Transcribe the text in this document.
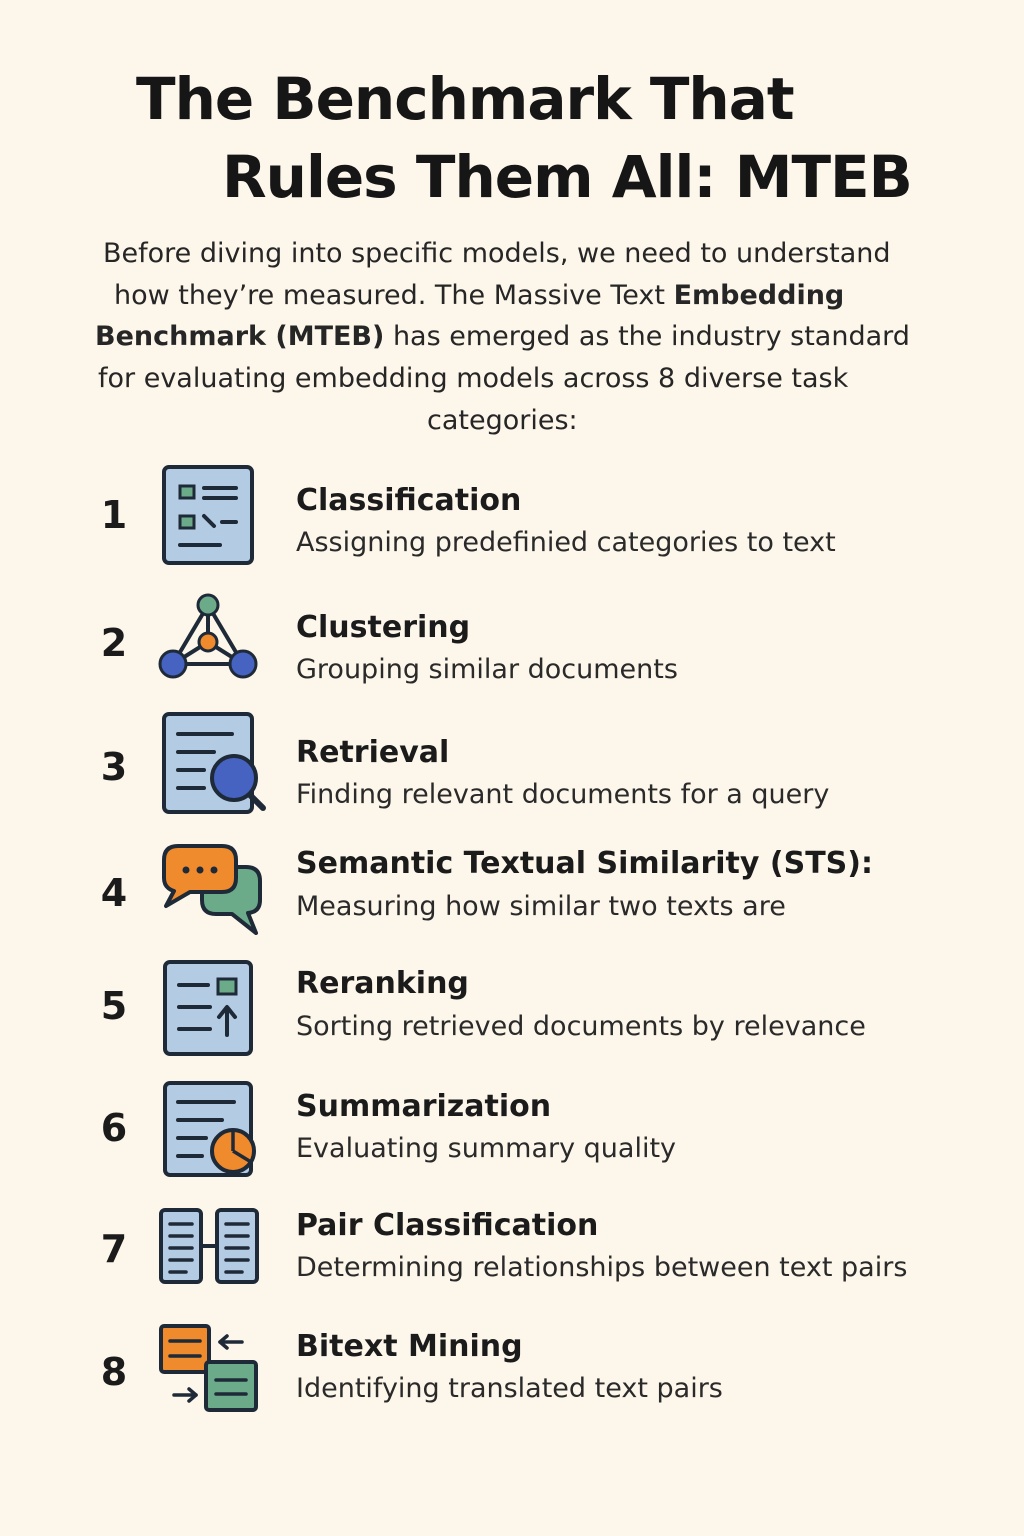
The Benchmark That
Rules Them All: MTEB
Before diving into specific models, we need to understand
how they’re measured. The Massive Text Embedding
Benchmark (MTEB) has emerged as the industry standard
for evaluating embedding models across 8 diverse task
categories:
1	Classification
Assigning predefinied categories to text
2	Clustering
Grouping similar documents
3	Retrieval
Finding relevant documents for a query
4
Semantic Textual Similarity (STS):
Measuring how similar two texts are
5
Reranking
Sorting retrieved documents by relevance
6	Summarization
Evaluating summary quality
7
Pair Classification
Determining relationships between text pairs
8
Bitext Mining
Identifying translated text pairs
